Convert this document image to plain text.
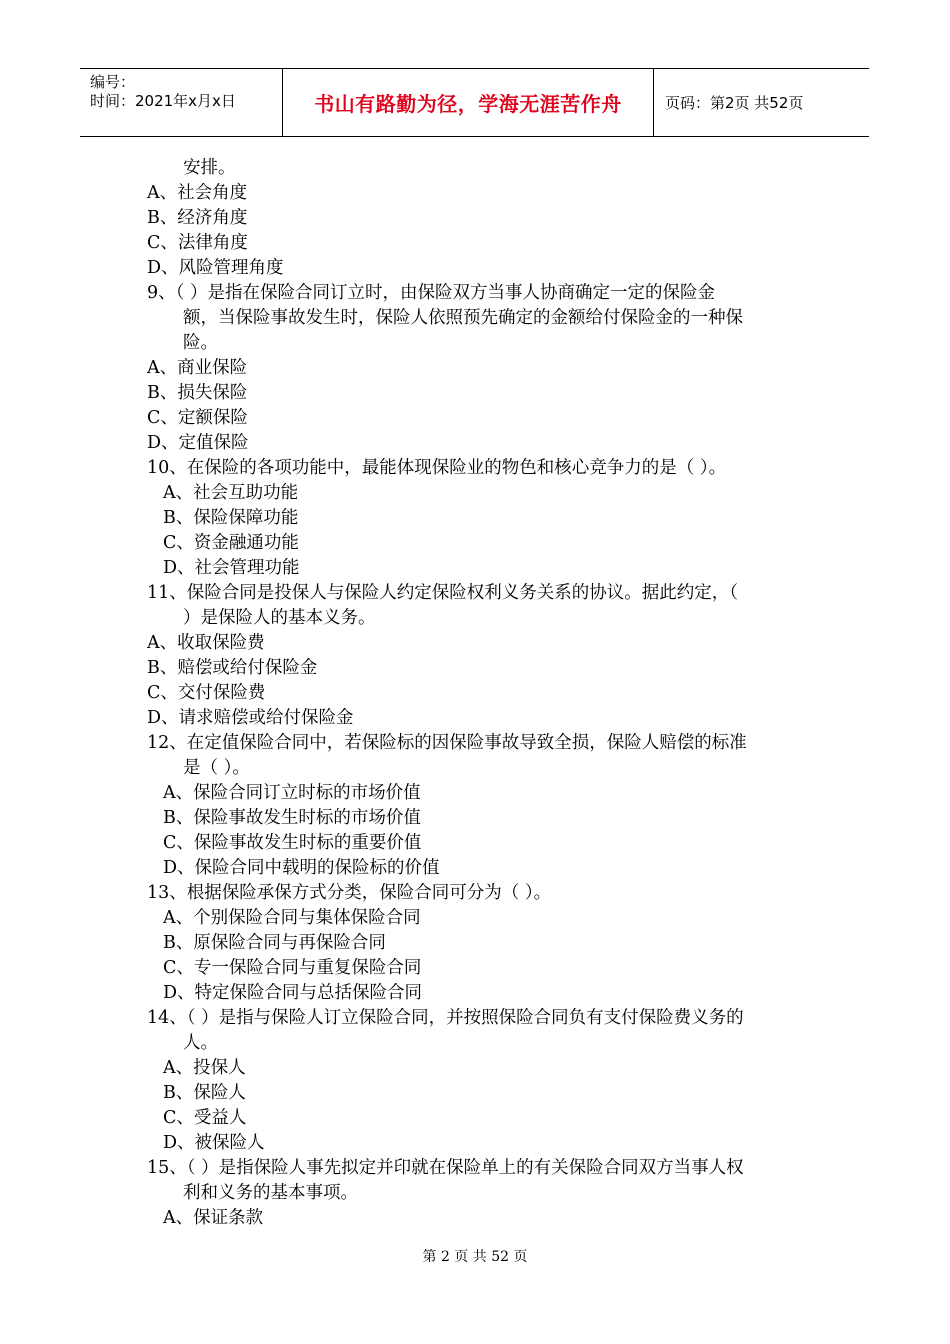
编号：
时间：2021年x月x日	书山有路勤为径，学海无涯苦作舟	页码：第2页 共52页
安排。
A、社会角度
B、经济角度
C、法律角度
D、风险管理角度
9、（ ）是指在保险合同订立时，由保险双方当事人协商确定一定的保险金
额，当保险事故发生时，保险人依照预先确定的金额给付保险金的一种保
险。
A、商业保险
B、损失保险
C、定额保险
D、定值保险
10、在保险的各项功能中，最能体现保险业的物色和核心竞争力的是（ ）。
A、社会互助功能
B、保险保障功能
C、资金融通功能
D、社会管理功能
11、保险合同是投保人与保险人约定保险权利义务关系的协议。据此约定，（
）是保险人的基本义务。
A、收取保险费
B、赔偿或给付保险金
C、交付保险费
D、请求赔偿或给付保险金
12、在定值保险合同中，若保险标的因保险事故导致全损，保险人赔偿的标准
是（ ）。
A、保险合同订立时标的市场价值
B、保险事故发生时标的市场价值
C、保险事故发生时标的重要价值
D、保险合同中载明的保险标的价值
13、根据保险承保方式分类，保险合同可分为（ ）。
A、个别保险合同与集体保险合同
B、原保险合同与再保险合同
C、专一保险合同与重复保险合同
D、特定保险合同与总括保险合同
14、（ ）是指与保险人订立保险合同，并按照保险合同负有支付保险费义务的
人。
A、投保人
B、保险人
C、受益人
D、被保险人
15、（ ）是指保险人事先拟定并印就在保险单上的有关保险合同双方当事人权
利和义务的基本事项。
A、保证条款
第 2 页 共 52 页
